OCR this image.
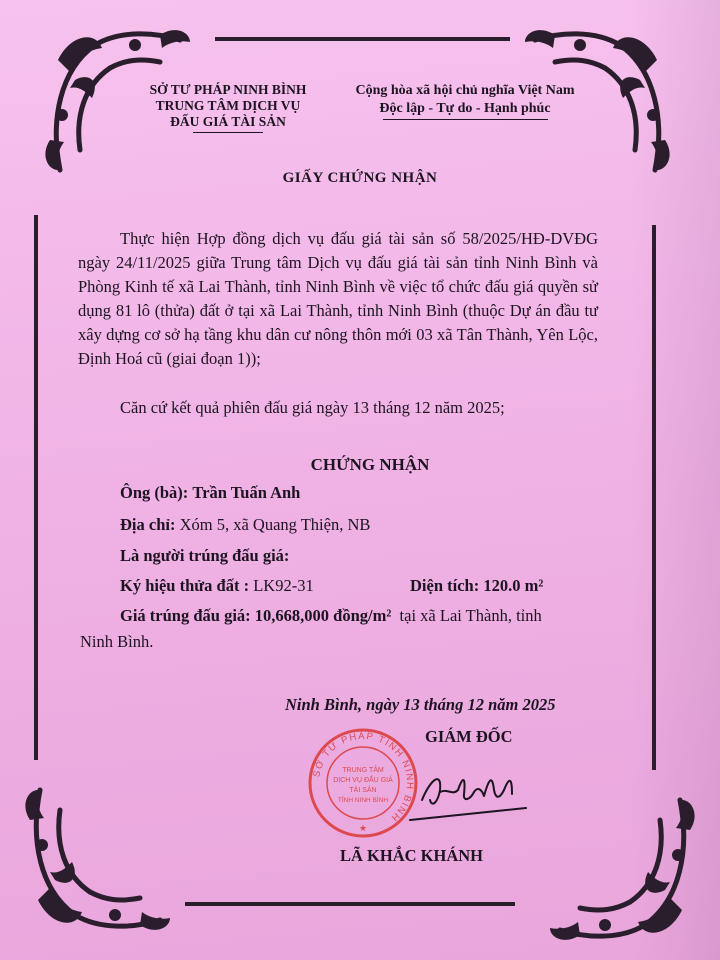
SỞ TƯ PHÁP NINH BÌNH
TRUNG TÂM DỊCH VỤ
ĐẤU GIÁ TÀI SẢN
Cộng hòa xã hội chủ nghĩa Việt Nam
Độc lập - Tự do - Hạnh phúc
GIẤY CHỨNG NHẬN

Thực hiện Hợp đồng dịch vụ đấu giá tài sản số 58/2025/HĐ-DVĐG ngày 24/11/2025 giữa Trung tâm Dịch vụ đấu giá tài sản tỉnh Ninh Bình và Phòng Kinh tế xã Lai Thành, tỉnh Ninh Bình về việc tổ chức đấu giá quyền sử dụng 81 lô (thửa) đất ở tại xã Lai Thành, tỉnh Ninh Bình (thuộc Dự án đầu tư xây dựng cơ sở hạ tầng khu dân cư nông thôn mới 03 xã Tân Thành, Yên Lộc, Định Hoá cũ (giai đoạn 1));

Căn cứ kết quả phiên đấu giá ngày 13 tháng 12 năm 2025;
CHỨNG NHẬN
Ông (bà): Trần Tuấn Anh
Địa chỉ: Xóm 5, xã Quang Thiện, NB
Là người trúng đấu giá:
Ký hiệu thửa đất : LK92-31	Diện tích: 120.0 m²
Giá trúng đấu giá: 10,668,000 đồng/m² tại xã Lai Thành, tỉnh
Ninh Bình.
Ninh Bình, ngày 13 tháng 12 năm 2025
GIÁM ĐỐC
SỞ TƯ PHÁP TỈNH NINH BÌNH
TRUNG TÂM
DỊCH VỤ ĐẤU GIÁ
TÀI SẢN
TỈNH NINH BÌNH
★
LÃ KHẮC KHÁNH
